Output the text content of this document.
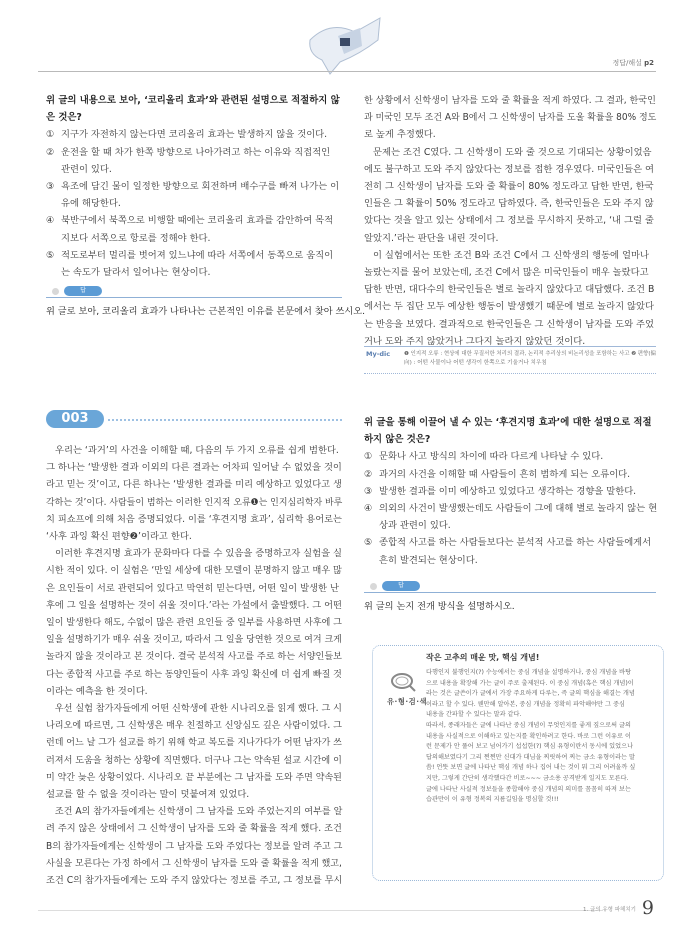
정답/해설 p2
위 글의 내용으로 보아, ‘코리올리 효과’와 관련된 설명으로 적절하지 않은 것은?
① 지구가 자전하지 않는다면 코리올리 효과는 발생하지 않을 것이다.
② 운전을 할 때 차가 한쪽 방향으로 나아가려고 하는 이유와 직접적인
관련이 있다.
③ 욕조에 담긴 물이 일정한 방향으로 회전하며 배수구를 빠져 나가는 이
유에 해당한다.
④ 북반구에서 북쪽으로 비행할 때에는 코리올리 효과를 감안하여 목적
지보다 서쪽으로 항로를 정해야 한다.
⑤ 적도로부터 멀리를 벗어져 있느냐에 따라 서쪽에서 동쪽으로 움직이
는 속도가 달라서 일어나는 현상이다.
답
위 글로 보아, 코리올리 효과가 나타나는 근본적인 이유를 본문에서 찾아 쓰시오.
한 상황에서 신학생이 남자를 도와 줄 확률을 적게 하였다. 그 결과, 한국인
과 미국인 모두 조건 A와 B에서 그 신학생이 남자를 도울 확률을 80% 정도
로 높게 추정했다.
문제는 조건 C였다. 그 신학생이 도와 줄 것으로 기대되는 상황이었음
에도 불구하고 도와 주지 않았다는 정보를 접한 경우였다. 미국인들은 여
전히 그 신학생이 남자를 도와 줄 확률이 80% 정도라고 답한 반면, 한국
인들은 그 확률이 50% 정도라고 답하였다. 즉, 한국인들은 도와 주지 않
았다는 것을 알고 있는 상태에서 그 정보를 무시하지 못하고, ‘내 그럴 줄
알았지.’라는 판단을 내린 것이다.
이 실험에서는 또한 조건 B와 조건 C에서 그 신학생의 행동에 얼마나
놀랐는지를 물어 보았는데, 조건 C에서 많은 미국인들이 매우 놀랐다고
답한 반면, 대다수의 한국인들은 별로 놀라지 않았다고 대답했다. 조건 B
에서는 두 집단 모두 예상한 행동이 발생했기 때문에 별로 놀라지 않았다
는 반응을 보였다. 결과적으로 한국인들은 그 신학생이 남자를 도와 주었
거나 도와 주지 않았거나 그다지 놀라지 않았던 것이다.
My-dic ❶ 인지적 오류 : 현상에 대한 무질서한 처리의 결과, 논리적 추리상의 비논리성을 포함하는 사고 ❷ 편향(偏
向) : 어떤 사물이나 어떤 생각이 한쪽으로 기울거나 치우침
003
우리는 ‘과거’의 사건을 이해할 때, 다음의 두 가지 오류를 쉽게 범한다.
그 하나는 ‘발생한 결과 이외의 다른 결과는 어차피 일어날 수 없었을 것이
라고 믿는 것’이고, 다른 하나는 ‘발생한 결과를 미리 예상하고 있었다고 생
각하는 것’이다. 사람들이 범하는 이러한 인지적 오류❶는 인지심리학자 바루
치 피쇼프에 의해 처음 증명되었다. 이를 ‘후견지명 효과’, 심리학 용어로는
‘사후 과잉 확신 편향❷’이라고 한다.
이러한 후견지명 효과가 문화마다 다를 수 있음을 증명하고자 실험을 실
시한 적이 있다. 이 실험은 ‘만일 세상에 대한 모델이 분명하지 않고 매우 많
은 요인들이 서로 관련되어 있다고 막연히 믿는다면, 어떤 일이 발생한 난
후에 그 일을 설명하는 것이 쉬울 것이다.’라는 가설에서 출발했다. 그 어떤
일이 발생한다 해도, 수없이 많은 관련 요인들 중 일부를 사용하면 사후에 그
일을 설명하기가 매우 쉬울 것이고, 따라서 그 일을 당연한 것으로 여겨 크게
놀라지 않을 것이라고 본 것이다. 결국 분석적 사고를 주로 하는 서양인들보
다는 종합적 사고를 주로 하는 동양인들이 사후 과잉 확신에 더 쉽게 빠질 것
이라는 예측을 한 것이다.
우선 실험 참가자들에게 어떤 신학생에 관한 시나리오를 읽게 했다. 그 시
나리오에 따르면, 그 신학생은 매우 친절하고 신앙심도 깊은 사람이었다. 그
런데 어느 날 그가 설교를 하기 위해 학교 복도를 지나가다가 어떤 남자가 쓰
러져서 도움을 청하는 상황에 직면했다. 더구나 그는 약속된 설교 시간에 이
미 약간 늦은 상황이었다. 시나리오 끝 부분에는 그 남자를 도와 주면 약속된
설교를 할 수 없을 것이라는 말이 덧붙여져 있었다.
조건 A의 참가자들에게는 신학생이 그 남자를 도와 주었는지의 여부를 알
려 주지 않은 상태에서 그 신학생이 남자를 도와 줄 확률을 적게 했다. 조건
B의 참가자들에게는 신학생이 그 남자를 도와 주었다는 정보를 알려 주고 그
사실을 모른다는 가정 하에서 그 신학생이 남자를 도와 줄 확률을 적게 했고,
조건 C의 참가자들에게는 도와 주지 않았다는 정보를 주고, 그 정보를 무시
위 글을 통해 이끌어 낼 수 있는 ‘후견지명 효과’에 대한 설명으로 적절하지 않은 것은?
① 문화나 사고 방식의 차이에 따라 다르게 나타날 수 있다.
② 과거의 사건을 이해할 때 사람들이 흔히 범하게 되는 오류이다.
③ 발생한 결과를 이미 예상하고 있었다고 생각하는 경향을 말한다.
④ 의외의 사건이 발생했는데도 사람들이 그에 대해 별로 놀라지 않는 현
상과 관련이 있다.
⑤ 종합적 사고를 하는 사람들보다는 분석적 사고를 하는 사람들에게서
흔히 발견되는 현상이다.
답
위 글의 논지 전개 방식을 설명하시오.
유·형·검·색
작은 고추의 매운 맛, 핵심 개념!
다행인지 불행인지(?) 수능에서는 중심 개념을 설명하거나, 중심 개념을 바탕
으로 내용을 확장해 가는 글이 주로 출제된다. 이 중심 개념(혹은 핵심 개념)이
라는 것은 글쓴이가 글에서 가장 주요하게 다루는, 즉 글의 핵심을 해결는 개념
이라고 할 수 있다. 웬만해 알아본, 중심 개념을 정확히 파악해야만 그 중심
내용을 간파할 수 있다는 말과 같다.
따라서, 종래자들은 글에 나타난 중심 개념이 무엇인지를 좋게 짚으로써 글의
내용을 사실적으로 이해하고 있는지를 확인하려고 한다. 바로 그런 이유로 이
런 문제가 안 풀어 보고 넘어가기 섭섭한(?) 핵심 유형이란서 동시에 있었으나
답의해보였다기 그리 쩐쩐만 신대가 대님을 찌릿하여 찌는 금소 유형이라는 말
씀! 언뜻 보면 글에 나타난 핵심 개념 하나 집어 내는 것이 뭐 그리 어려울까 싶
지만, 그렇게 간단히 생각했다간 비로~~~ 금소용 공격받게 일지도 모른다.
글에 나타난 사실적 정보들을 종합해야 중심 개념의 의미를 꼼꼼히 따져 보는
습관만이 이 유형 정복의 지름길임을 명심할 것!!!
1. 글의 유형 파헤치기 9
